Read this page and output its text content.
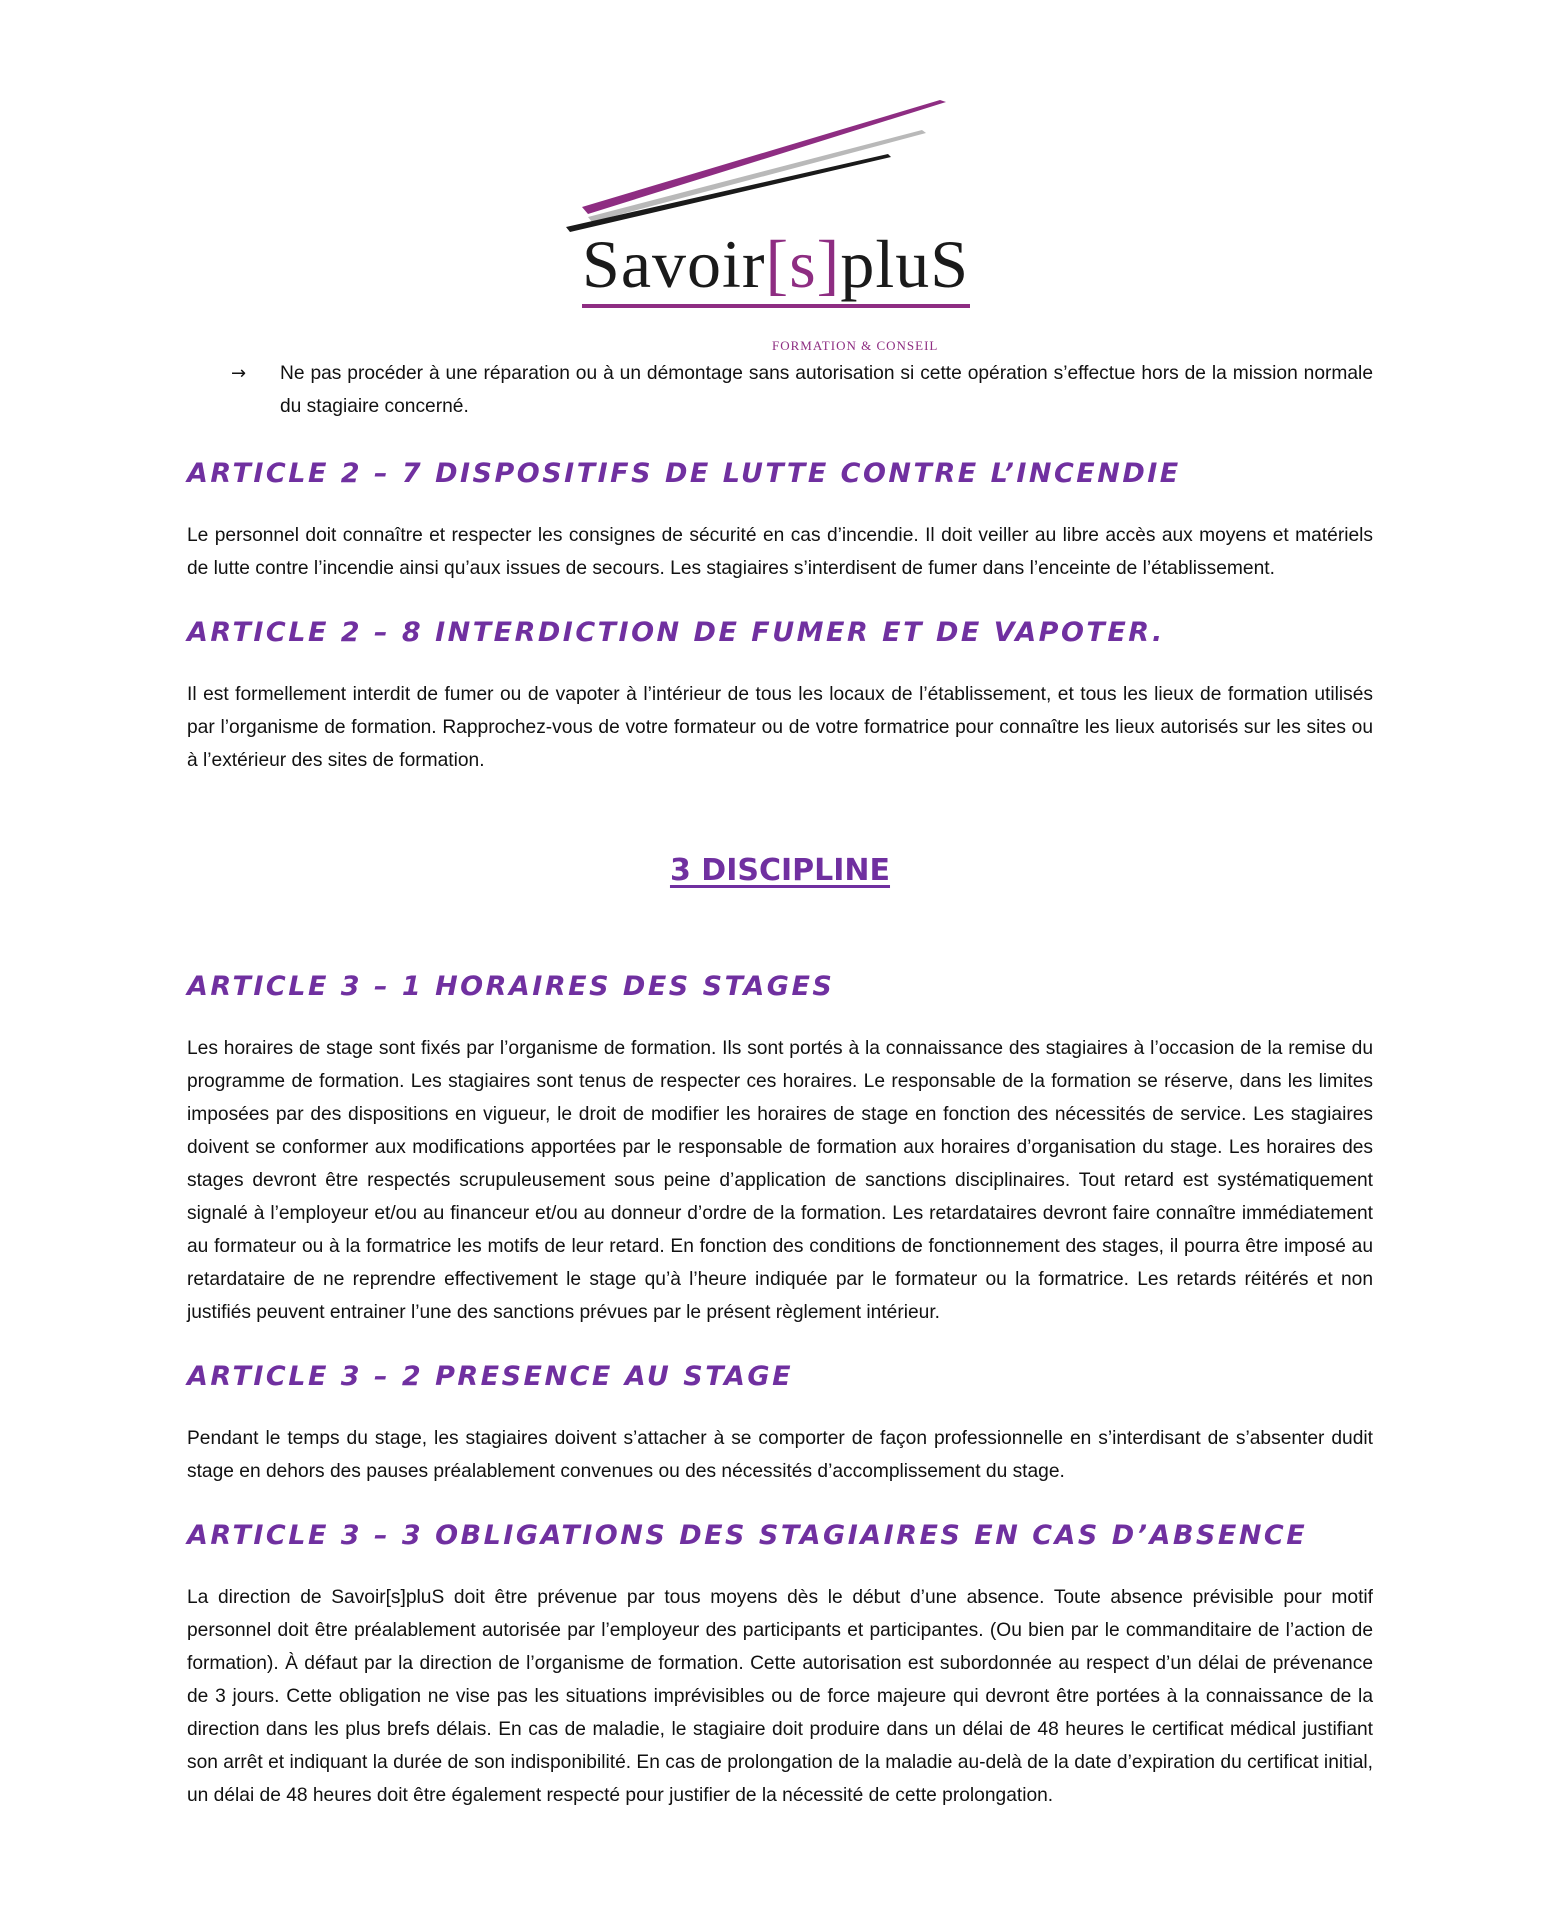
Savoir[s]pluS
FORMATION & CONSEIL

→ Ne pas procéder à une réparation ou à un démontage sans autorisation si cette opération s’effectue hors de la mission normale du stagiaire concerné.

ARTICLE 2 – 7 DISPOSITIFS DE LUTTE CONTRE L’INCENDIE

Le personnel doit connaître et respecter les consignes de sécurité en cas d’incendie. Il doit veiller au libre accès aux moyens et matériels de lutte contre l’incendie ainsi qu’aux issues de secours. Les stagiaires s’interdisent de fumer dans l’enceinte de l’établissement.

ARTICLE 2 – 8 INTERDICTION DE FUMER ET DE VAPOTER.

Il est formellement interdit de fumer ou de vapoter à l’intérieur de tous les locaux de l’établissement, et tous les lieux de formation utilisés par l’organisme de formation. Rapprochez-vous de votre formateur ou de votre formatrice pour connaître les lieux autorisés sur les sites ou à l’extérieur des sites de formation.

3 DISCIPLINE
ARTICLE 3 – 1 HORAIRES DES STAGES

Les horaires de stage sont fixés par l’organisme de formation. Ils sont portés à la connaissance des stagiaires à l’occasion de la remise du programme de formation. Les stagiaires sont tenus de respecter ces horaires. Le responsable de la formation se réserve, dans les limites imposées par des dispositions en vigueur, le droit de modifier les horaires de stage en fonction des nécessités de service. Les stagiaires doivent se conformer aux modifications apportées par le responsable de formation aux horaires d’organisation du stage. Les horaires des stages devront être respectés scrupuleusement sous peine d’application de sanctions disciplinaires. Tout retard est systématiquement signalé à l’employeur et/ou au financeur et/ou au donneur d’ordre de la formation. Les retardataires devront faire connaître immédiatement au formateur ou à la formatrice les motifs de leur retard. En fonction des conditions de fonctionnement des stages, il pourra être imposé au retardataire de ne reprendre effectivement le stage qu’à l’heure indiquée par le formateur ou la formatrice. Les retards réitérés et non justifiés peuvent entrainer l’une des sanctions prévues par le présent règlement intérieur.

ARTICLE 3 – 2 PRESENCE AU STAGE

Pendant le temps du stage, les stagiaires doivent s’attacher à se comporter de façon professionnelle en s’interdisant de s’absenter dudit stage en dehors des pauses préalablement convenues ou des nécessités d’accomplissement du stage.

ARTICLE 3 – 3 OBLIGATIONS DES STAGIAIRES EN CAS D’ABSENCE

La direction de Savoir[s]pluS doit être prévenue par tous moyens dès le début d’une absence. Toute absence prévisible pour motif personnel doit être préalablement autorisée par l’employeur des participants et participantes. (Ou bien par le commanditaire de l’action de formation). À défaut par la direction de l’organisme de formation. Cette autorisation est subordonnée au respect d’un délai de prévenance de 3 jours. Cette obligation ne vise pas les situations imprévisibles ou de force majeure qui devront être portées à la connaissance de la direction dans les plus brefs délais. En cas de maladie, le stagiaire doit produire dans un délai de 48 heures le certificat médical justifiant son arrêt et indiquant la durée de son indisponibilité. En cas de prolongation de la maladie au-delà de la date d’expiration du certificat initial, un délai de 48 heures doit être également respecté pour justifier de la nécessité de cette prolongation.
